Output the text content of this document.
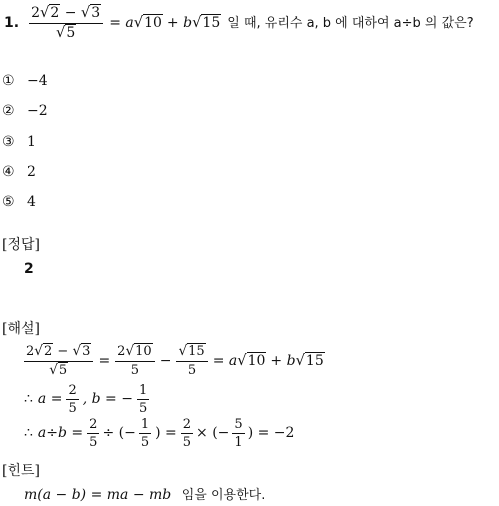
1. $\frac{2√2 - √3}{√5} = a$ √10 + b √15 일 때, 유리수 a, b 에 대하여 a÷b 의 값은?
① −4
② −2
③ 1
④ 2
⑤ 4
[정답]
2
[해설]
$\frac{2√2 - √3}{√5} = \frac{2√10}{5} - \frac{√15}{5} = a$ √10 + b √15
∴ $a = \frac{2}{5}$ , b = − $\frac{1}{5}$
∴ $a\div b = \frac{2}{5}$ ÷ (− $\frac{1}{5}$ ) = $\frac{2}{5}$ × (− $\frac{5}{1}$ ) = −2
[힌트]
m(a − b) = ma − mb 임을 이용한다.
